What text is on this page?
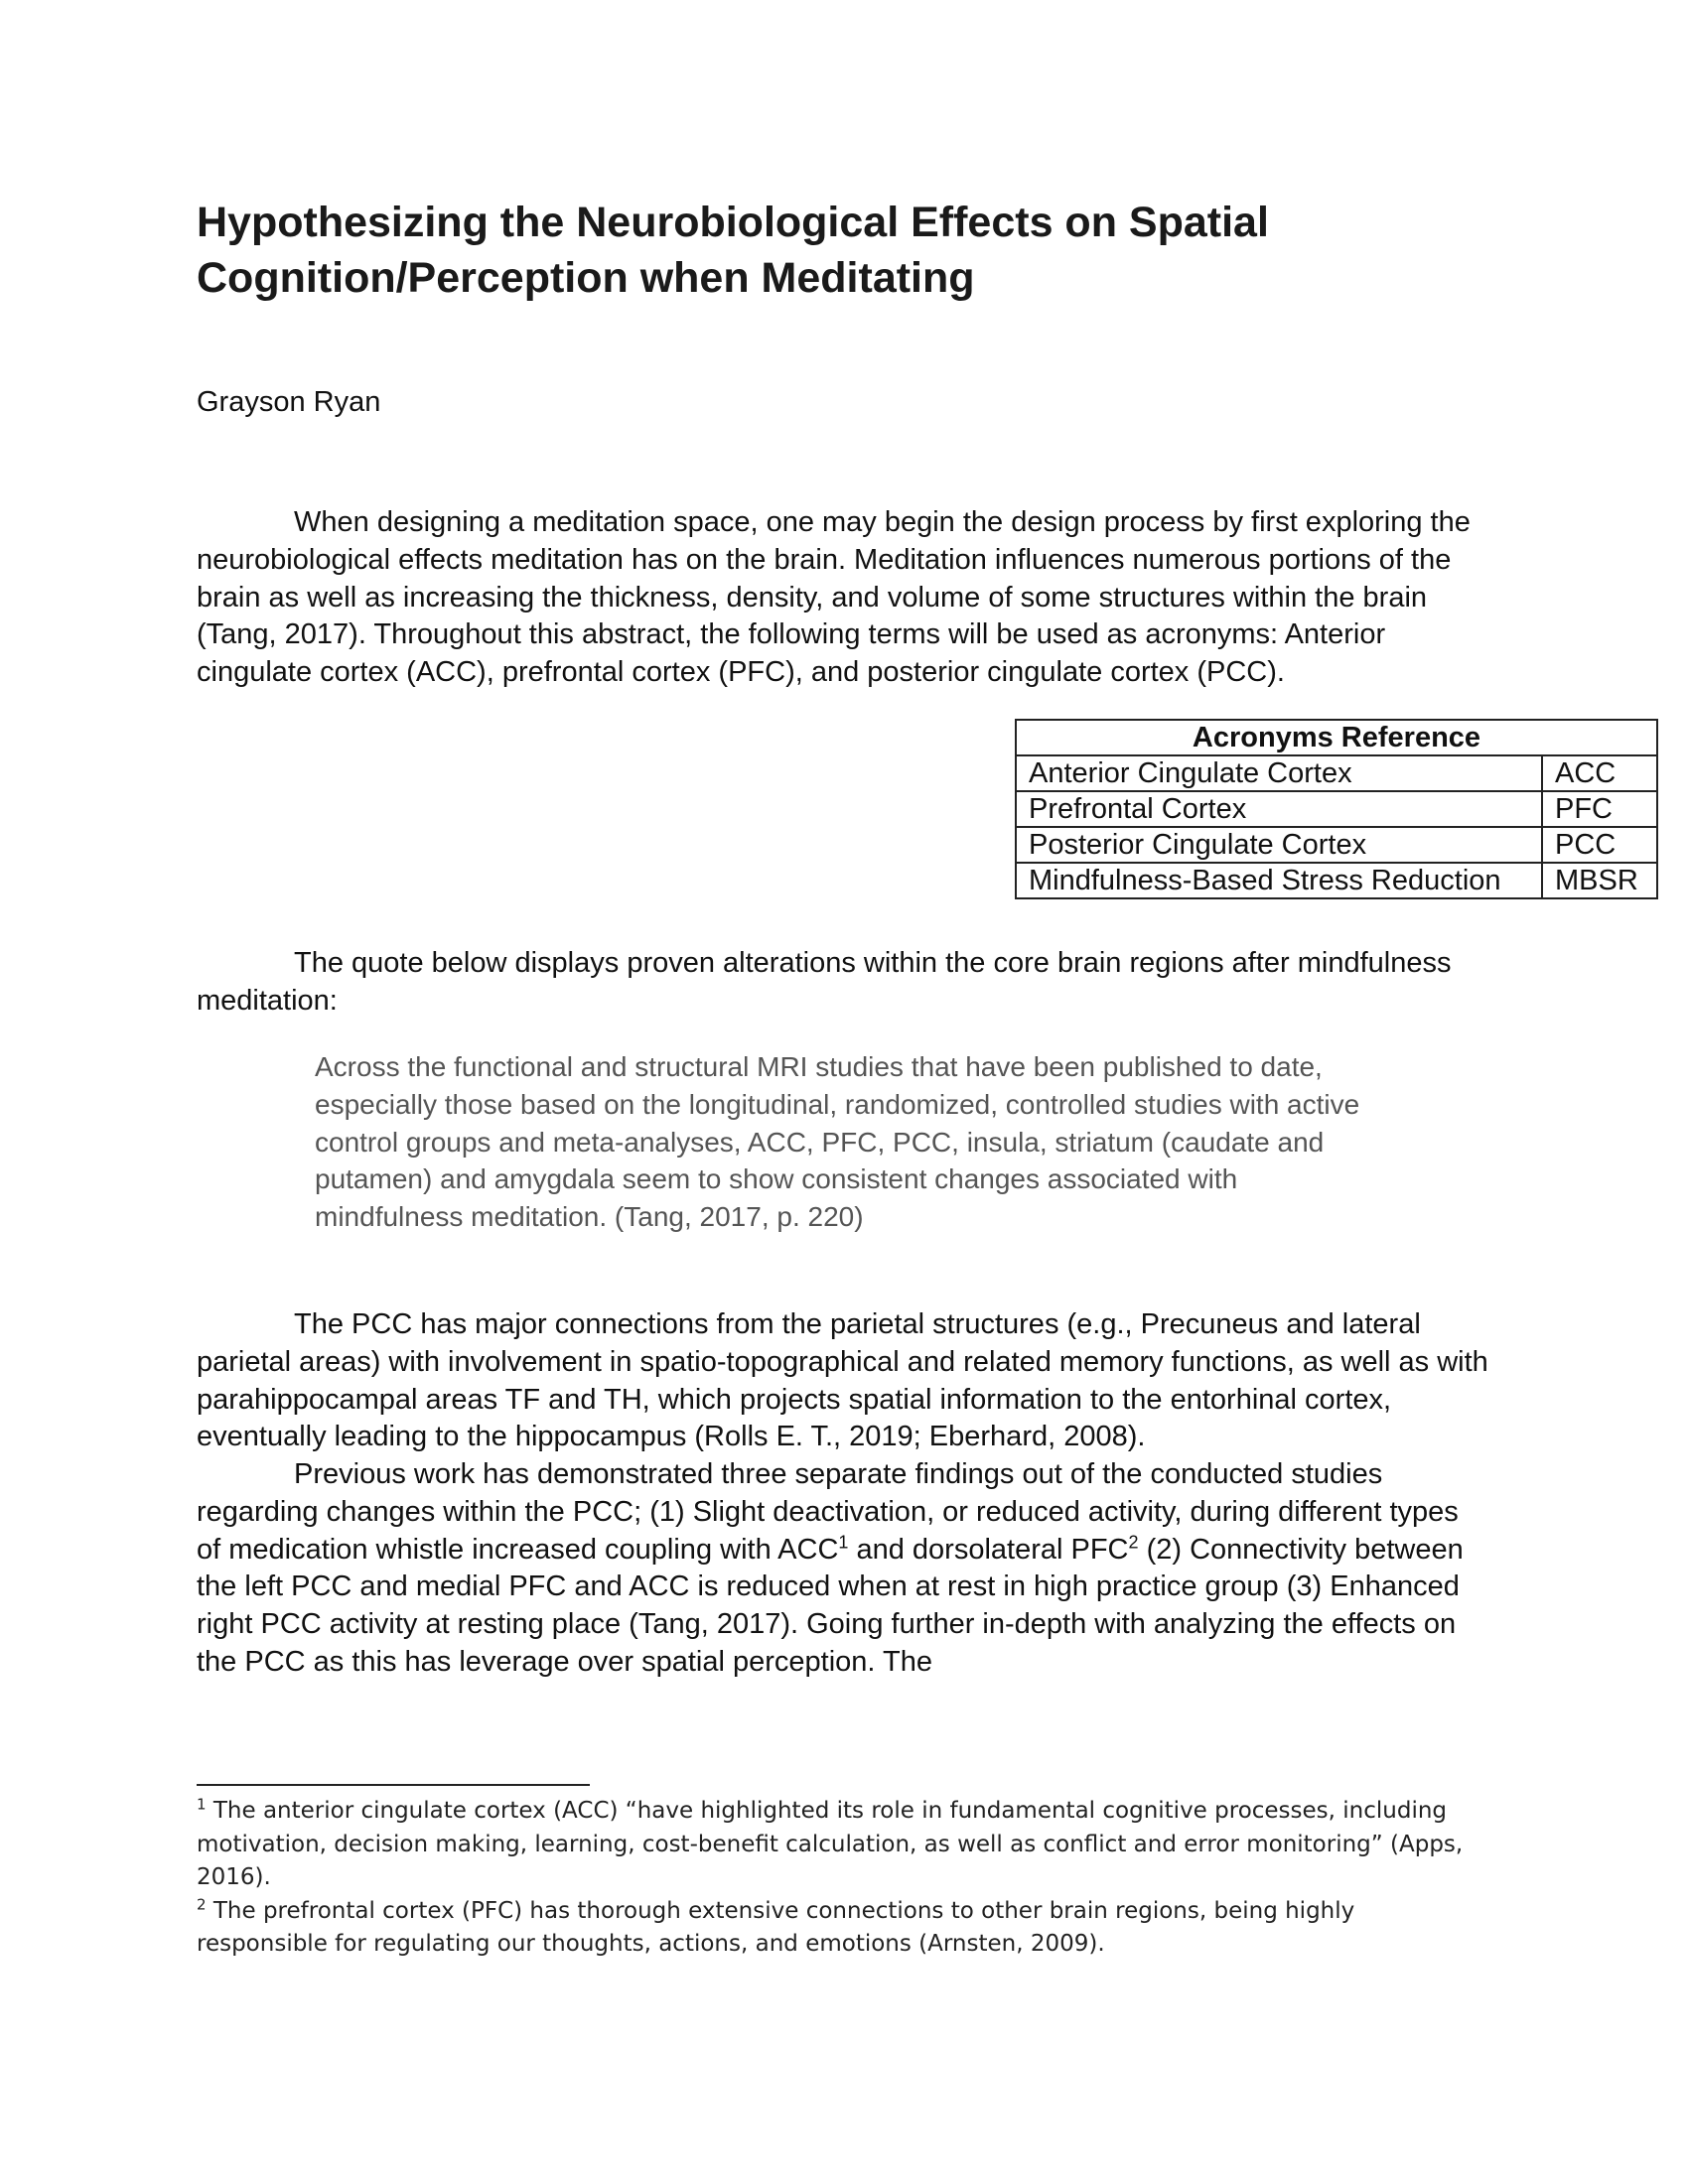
Hypothesizing the Neurobiological Effects on Spatial Cognition/Perception when Meditating

Grayson Ryan

When designing a meditation space, one may begin the design process by first exploring the neurobiological effects meditation has on the brain. Meditation influences numerous portions of the brain as well as increasing the thickness, density, and volume of some structures within the brain (Tang, 2017). Throughout this abstract, the following terms will be used as acronyms: Anterior cingulate cortex (ACC), prefrontal cortex (PFC), and posterior cingulate cortex (PCC).

Acronyms Reference	
Anterior Cingulate Cortex	ACC
Prefrontal Cortex	PFC
Posterior Cingulate Cortex	PCC
Mindfulness-Based Stress Reduction	MBSR

The quote below displays proven alterations within the core brain regions after mindfulness meditation:

Across the functional and structural MRI studies that have been published to date, especially those based on the longitudinal, randomized, controlled studies with active control groups and meta-analyses, ACC, PFC, PCC, insula, striatum (caudate and putamen) and amygdala seem to show consistent changes associated with mindfulness meditation. (Tang, 2017, p. 220)

The PCC has major connections from the parietal structures (e.g., Precuneus and lateral parietal areas) with involvement in spatio-topographical and related memory functions, as well as with parahippocampal areas TF and TH, which projects spatial information to the entorhinal cortex, eventually leading to the hippocampus (Rolls E. T., 2019; Eberhard, 2008).

Previous work has demonstrated three separate findings out of the conducted studies regarding changes within the PCC; (1) Slight deactivation, or reduced activity, during different types of medication whistle increased coupling with ACC$^1$ and dorsolateral PFC$^2$ (2) Connectivity between the left PCC and medial PFC and ACC is reduced when at rest in high practice group (3) Enhanced right PCC activity at resting place (Tang, 2017). Going further in-depth with analyzing the effects on the PCC as this has leverage over spatial perception. The

$^1$ The anterior cingulate cortex (ACC) “have highlighted its role in fundamental cognitive processes, including motivation, decision making, learning, cost-benefit calculation, as well as conflict and error monitoring” (Apps, 2016).

$^2$ The prefrontal cortex (PFC) has thorough extensive connections to other brain regions, being highly responsible for regulating our thoughts, actions, and emotions (Arnsten, 2009).
